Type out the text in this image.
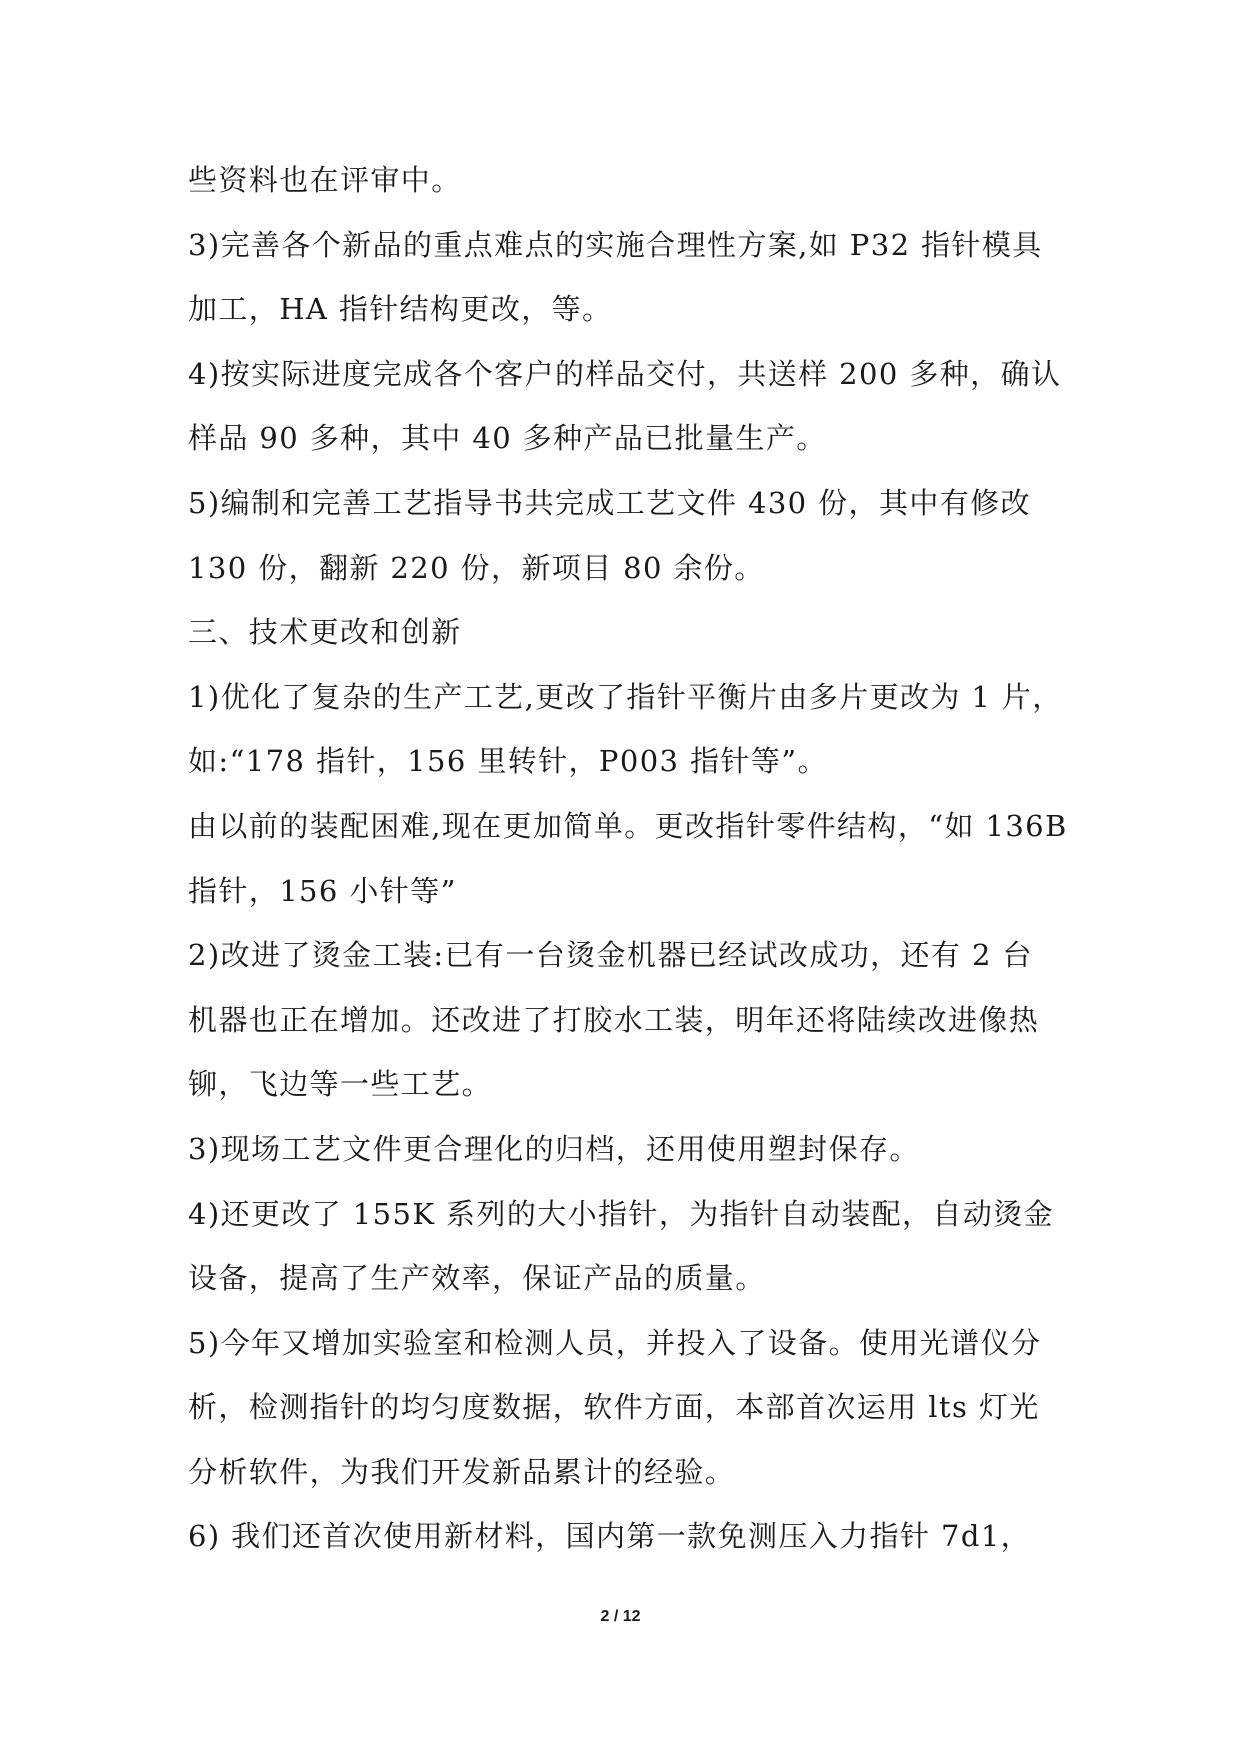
些资料也在评审中。
3)完善各个新品的重点难点的实施合理性方案,如 P32 指针模具
加工，HA 指针结构更改，等。
4)按实际进度完成各个客户的样品交付，共送样 200 多种，确认
样品 90 多种，其中 40 多种产品已批量生产。
5)编制和完善工艺指导书共完成工艺文件 430 份，其中有修改
130 份，翻新 220 份，新项目 80 余份。
三、技术更改和创新
1)优化了复杂的生产工艺,更改了指针平衡片由多片更改为 1 片，
如:“178 指针，156 里转针，P003 指针等”。
由以前的装配困难,现在更加简单。更改指针零件结构，“如 136B
指针，156 小针等”
2)改进了烫金工装:已有一台烫金机器已经试改成功，还有 2 台
机器也正在增加。还改进了打胶水工装，明年还将陆续改进像热
铆，飞边等一些工艺。
3)现场工艺文件更合理化的归档，还用使用塑封保存。
4)还更改了 155K 系列的大小指针，为指针自动装配，自动烫金
设备，提高了生产效率，保证产品的质量。
5)今年又增加实验室和检测人员，并投入了设备。使用光谱仪分
析，检测指针的均匀度数据，软件方面，本部首次运用 lts 灯光
分析软件，为我们开发新品累计的经验。
6) 我们还首次使用新材料，国内第一款免测压入力指针 7d1，
2 / 12
